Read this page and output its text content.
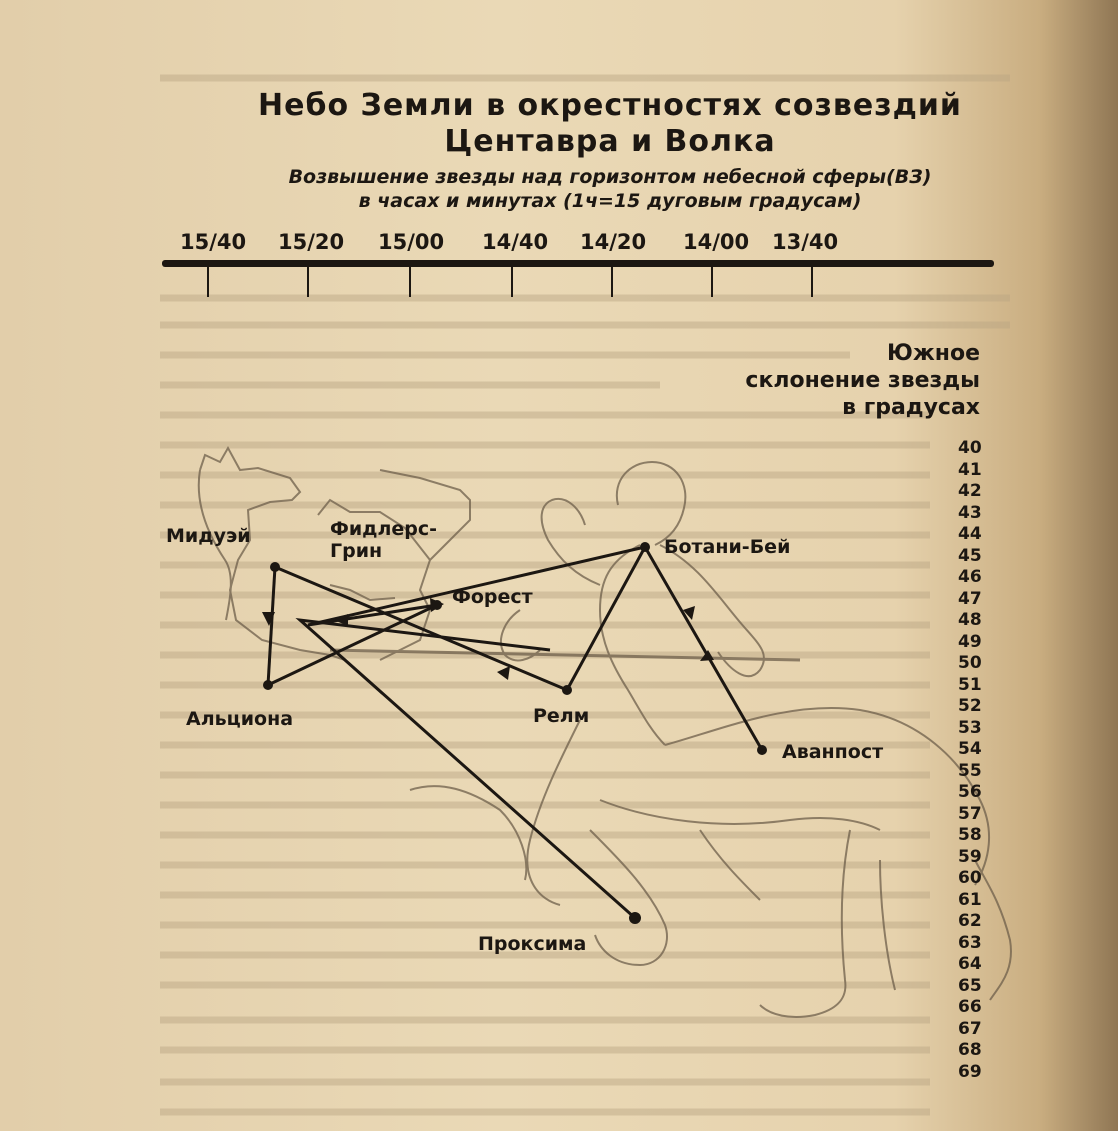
Небо Земли в окрестностях созвездий
Центавра и Волка
Возвышение звезды над горизонтом небесной сферы(ВЗ)
в часах и минутах (1ч=15 дуговым градусам)
15/40 15/20 15/00 14/40 14/20 14/00 13/40
Южное
склонение звезды
в градусах
40
41
42
43
44
45
46
47
48
49
50
51
52
53
54
55
56
57
58
59
60
61
62
63
64
65
66
67
68
69
Мидуэй	Фидлерс-
Грин
Форест
Ботани-Бей
Альциона	Релм
Аванпост
Проксима
